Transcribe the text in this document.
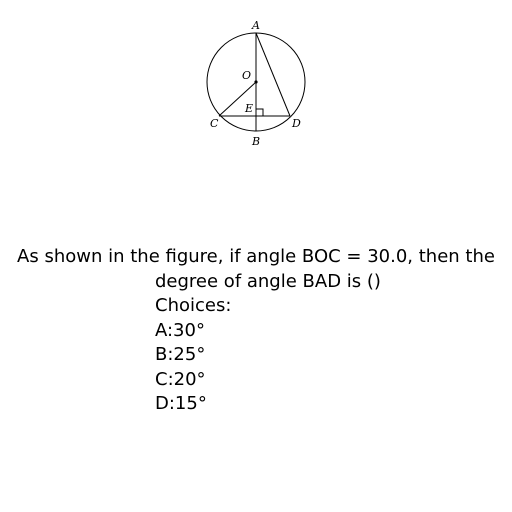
A
O
E
C	D
B
As shown in the figure, if angle BOC = 30.0, then the
degree of angle BAD is ()
Choices:
A:30°
B:25°
C:20°
D:15°
